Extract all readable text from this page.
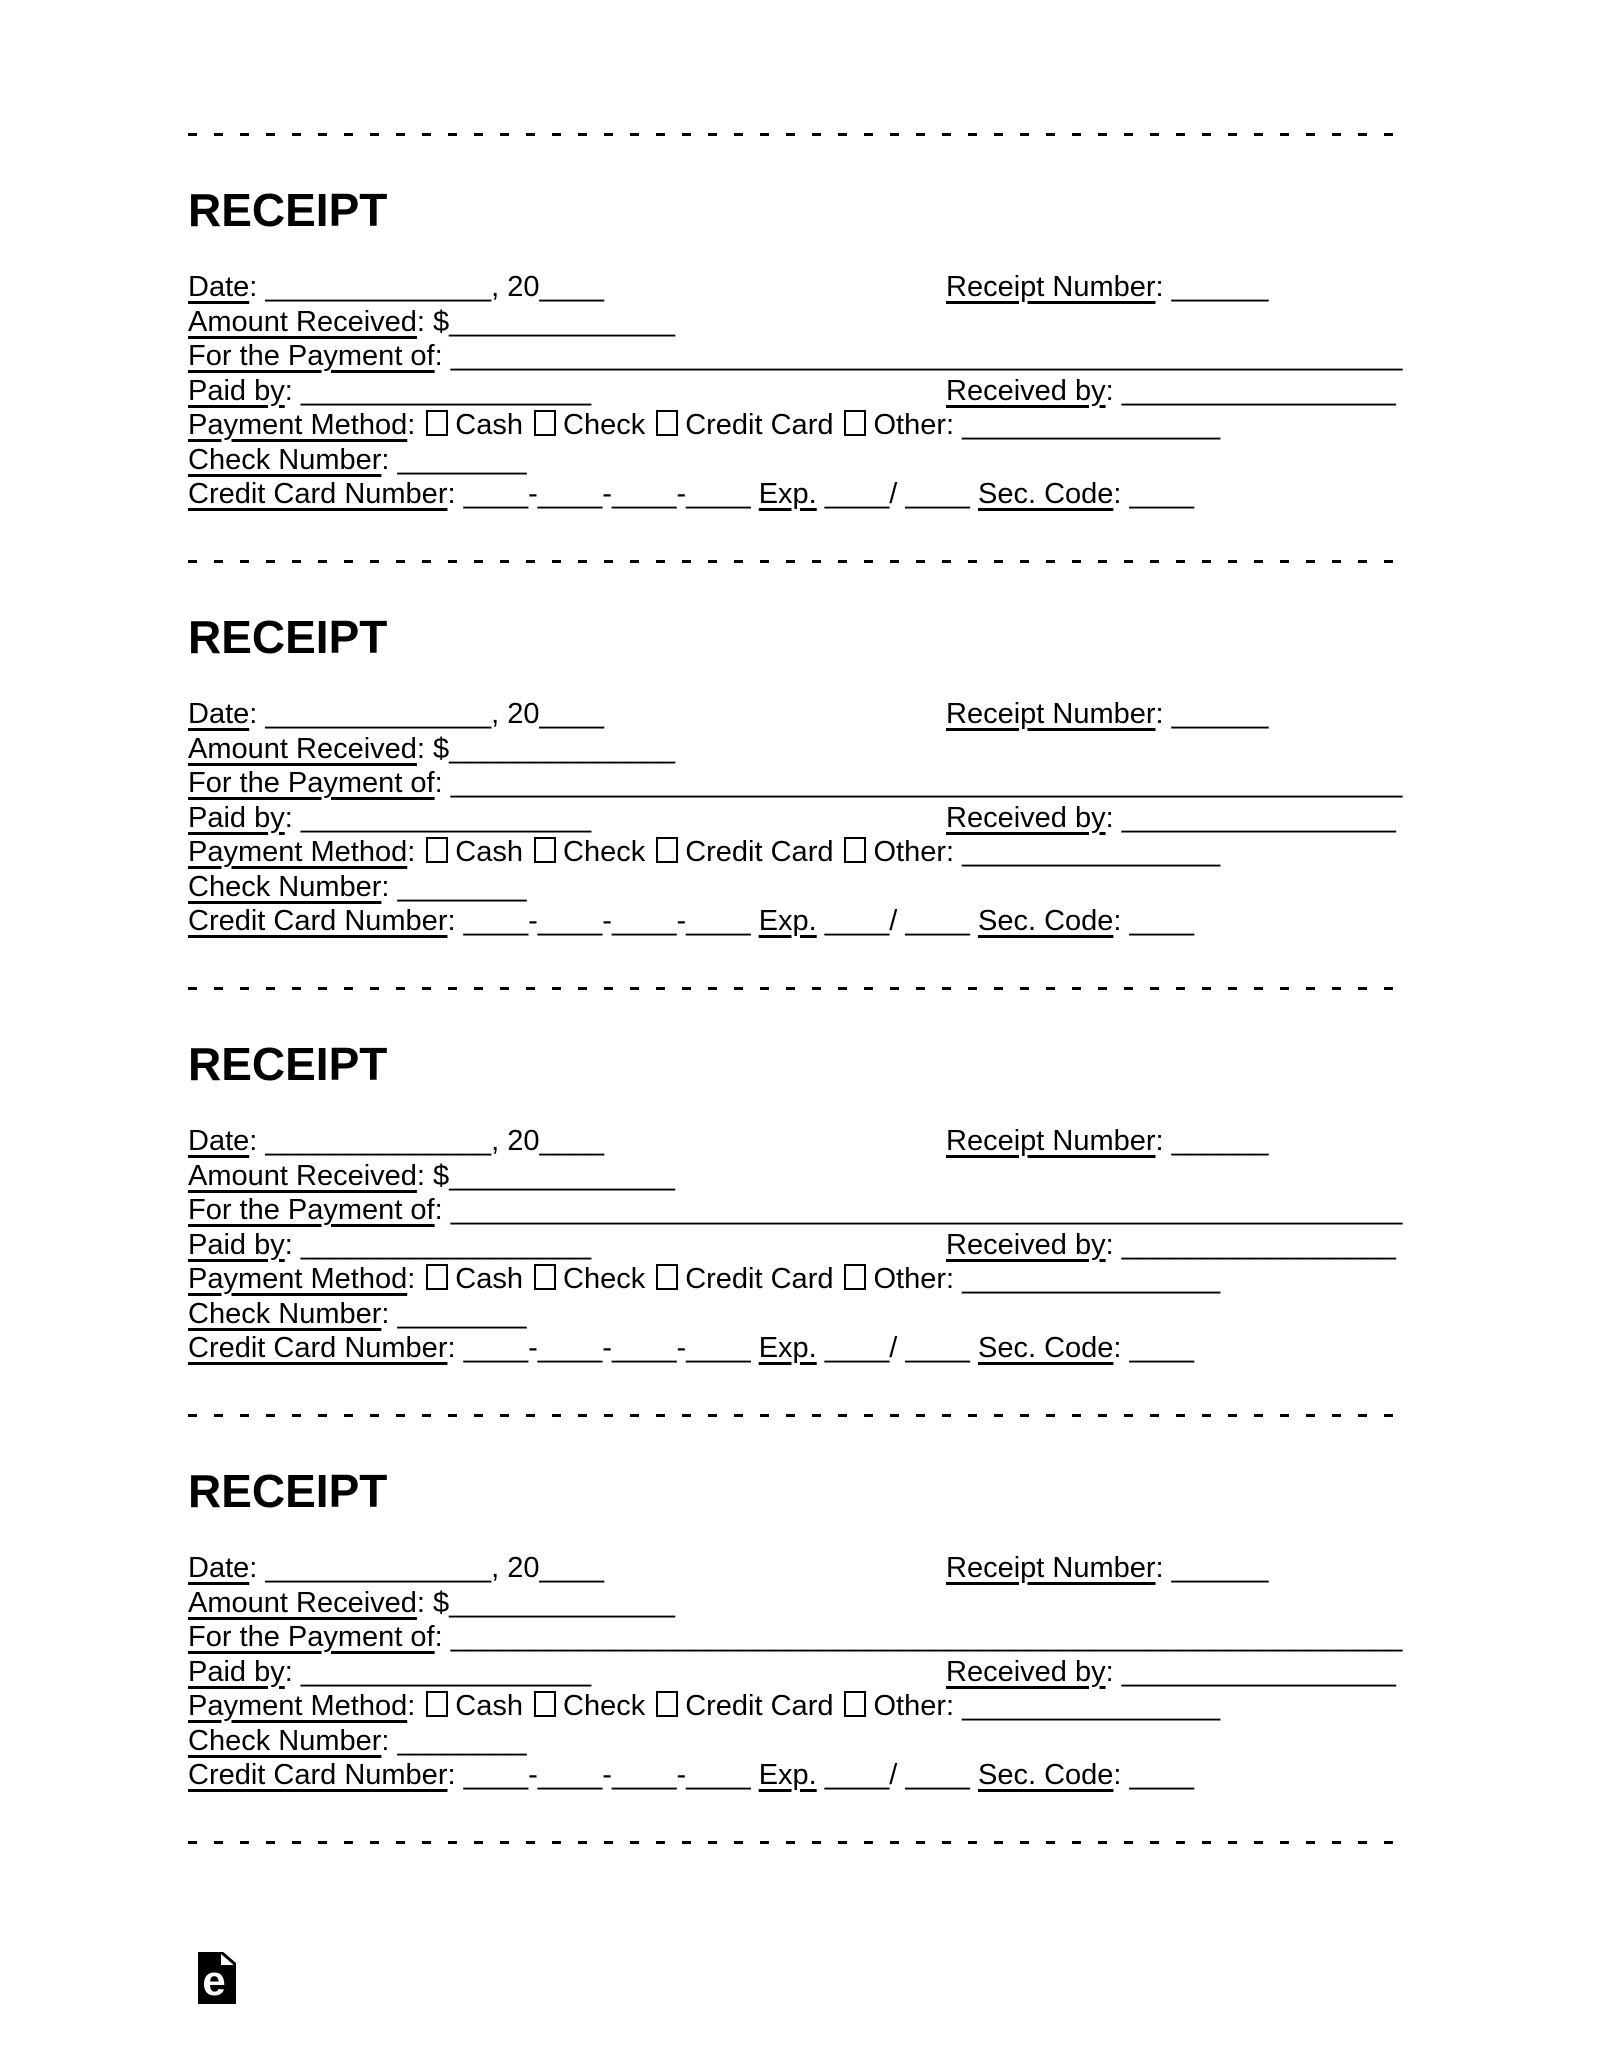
RECEIPT
Date: ______________, 20____	Receipt Number: ______
Amount Received: $______________
For the Payment of: ___________________________________________________________
Paid by: __________________	Received by: _________________
Payment Method: Cash Check Credit Card Other: ________________
Check Number: ________
Credit Card Number: ____-____-____-____ Exp. ____/ ____ Sec. Code: ____
RECEIPT
Date: ______________, 20____	Receipt Number: ______
Amount Received: $______________
For the Payment of: ___________________________________________________________
Paid by: __________________	Received by: _________________
Payment Method: Cash Check Credit Card Other: ________________
Check Number: ________
Credit Card Number: ____-____-____-____ Exp. ____/ ____ Sec. Code: ____
RECEIPT
Date: ______________, 20____	Receipt Number: ______
Amount Received: $______________
For the Payment of: ___________________________________________________________
Paid by: __________________	Received by: _________________
Payment Method: Cash Check Credit Card Other: ________________
Check Number: ________
Credit Card Number: ____-____-____-____ Exp. ____/ ____ Sec. Code: ____
RECEIPT
Date: ______________, 20____	Receipt Number: ______
Amount Received: $______________
For the Payment of: ___________________________________________________________
Paid by: __________________	Received by: _________________
Payment Method: Cash Check Credit Card Other: ________________
Check Number: ________
Credit Card Number: ____-____-____-____ Exp. ____/ ____ Sec. Code: ____
e
